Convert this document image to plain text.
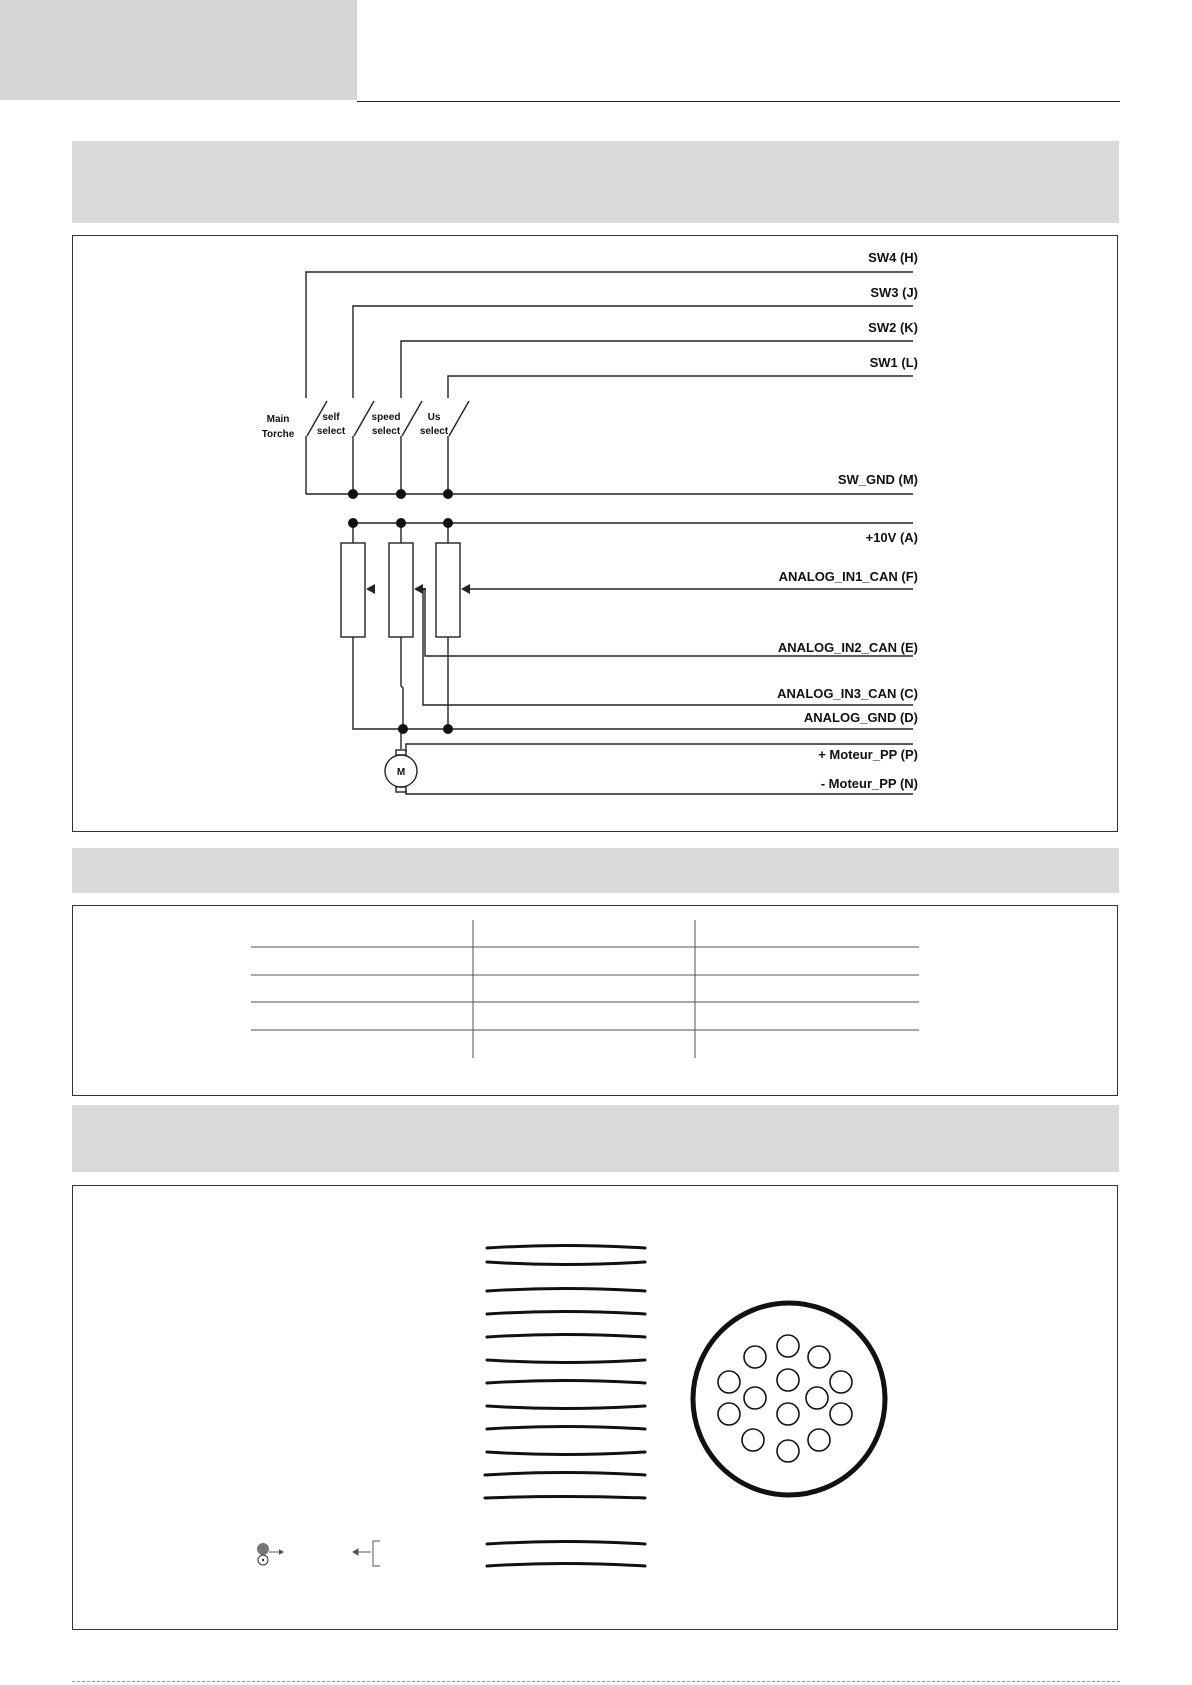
SW4 (H)
SW3 (J)
SW2 (K)
SW1 (L)
SW_GND (M)
+10V (A)
ANALOG_IN1_CAN (F)
ANALOG_IN2_CAN (E)
ANALOG_IN3_CAN (C)
ANALOG_GND (D)
+ Moteur_PP (P)
- Moteur_PP (N)
Main
Torche
self
select
speed
select
Us
select
M
